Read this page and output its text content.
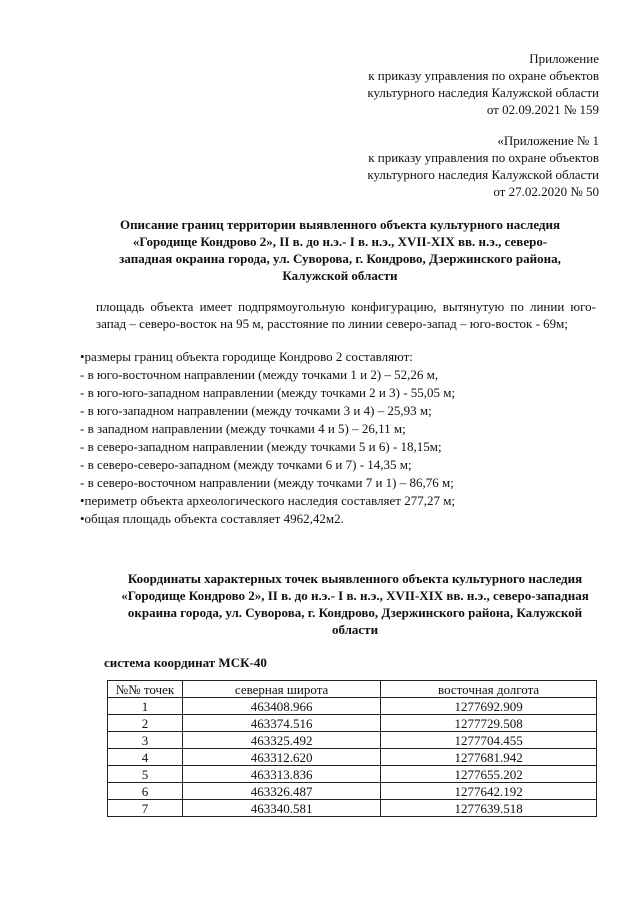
Приложение
к приказу управления по охране объектов
культурного наследия Калужской области
от 02.09.2021 № 159
«Приложение № 1
к приказу управления по охране объектов
культурного наследия Калужской области
от 27.02.2020 № 50
Описание границ территории выявленного объекта культурного наследия
«Городище Кондрово 2», II в. до н.э.- I в. н.э., XVII-XIX вв. н.э., северо-
западная окраина города, ул. Суворова, г. Кондрово, Дзержинского района,
Калужской области
площадь объекта имеет подпрямоугольную конфигурацию, вытянутую по линии юго-запад – северо-восток на 95 м, расстояние по линии северо-запад – юго-восток - 69м;
•размеры границ объекта городище Кондрово 2 составляют:
- в юго-восточном направлении (между точками 1 и 2) – 52,26 м,
- в юго-юго-западном направлении (между точками 2 и 3) - 55,05 м;
- в юго-западном направлении (между точками 3 и 4) – 25,93 м;
- в западном направлении (между точками 4 и 5) – 26,11 м;
- в северо-западном направлении (между точками 5 и 6) - 18,15м;
- в северо-северо-западном (между точками 6 и 7) - 14,35 м;
- в северо-восточном направлении (между точками 7 и 1) – 86,76 м;
•периметр объекта археологического наследия составляет 277,27 м;
•общая площадь объекта составляет 4962,42м2.
Координаты характерных точек выявленного объекта культурного наследия
«Городище Кондрово 2», II в. до н.э.- I в. н.э., XVII-XIX вв. н.э., северо-западная
окраина города, ул. Суворова, г. Кондрово, Дзержинского района, Калужской
области
система координат МСК-40
№№ точек	северная широта	восточная долгота
1	463408.966	1277692.909
2	463374.516	1277729.508
3	463325.492	1277704.455
4	463312.620	1277681.942
5	463313.836	1277655.202
6	463326.487	1277642.192
7	463340.581	1277639.518
